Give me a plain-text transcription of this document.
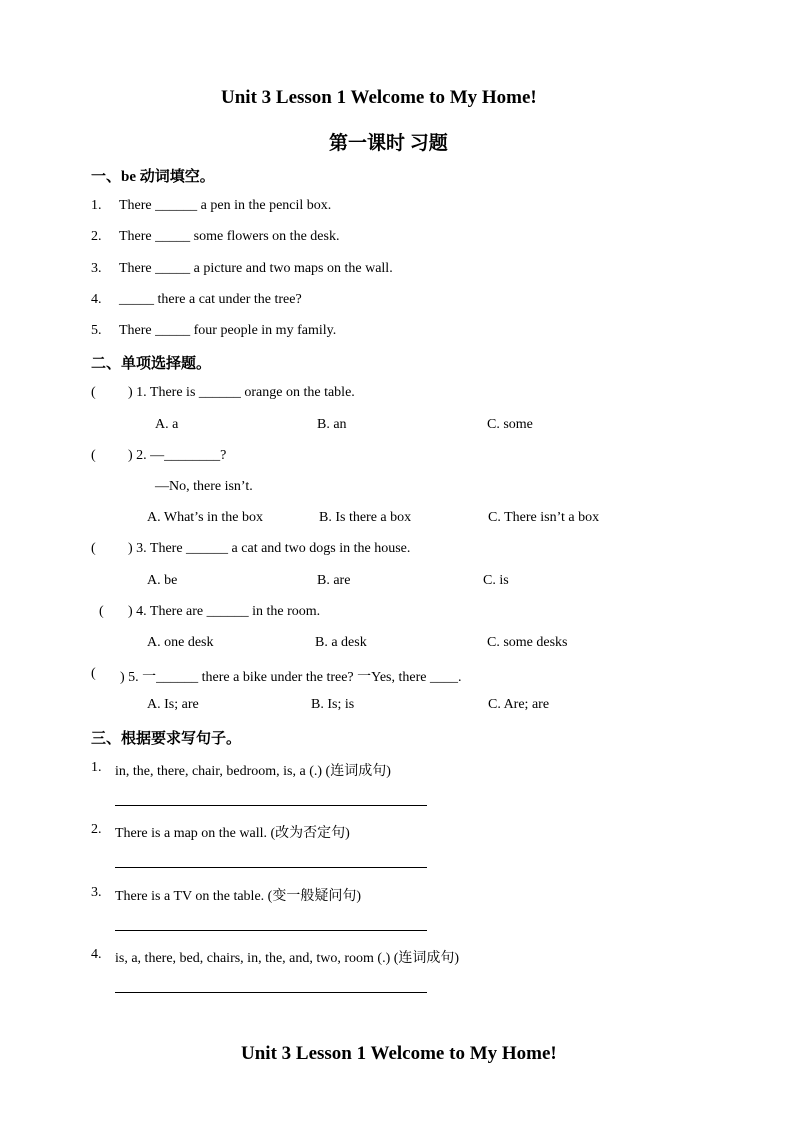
Unit 3 Lesson 1 Welcome to My Home!
第一课时 习题
一、be 动词填空。
1. There ______ a pen in the pencil box.
2. There _____ some flowers on the desk.
3. There _____ a picture and two maps on the wall.
4. _____ there a cat under the tree?
5. There _____ four people in my family.
二、单项选择题。
( ) 1. There is ______ orange on the table.
A. a	B. an	C. some
( ) 2. —________?
—No, there isn’t.
A. What’s in the box	B. Is there a box	C. There isn’t a box
( ) 3. There ______ a cat and two dogs in the house.
A. be	B. are	C. is
( ) 4. There are ______ in the room.
A. one desk	B. a desk	C. some desks
( ) 5. 一______ there a bike under the tree? 一Yes, there ____.
A. Is; are	B. Is; is	C. Are; are
三、根据要求写句子。
1. in, the, there, chair, bedroom, is, a (.) (连词成句)
2. There is a map on the wall. (改为否定句)
3. There is a TV on the table. (变一般疑问句)
4. is, a, there, bed, chairs, in, the, and, two, room (.) (连词成句)
Unit 3 Lesson 1 Welcome to My Home!
